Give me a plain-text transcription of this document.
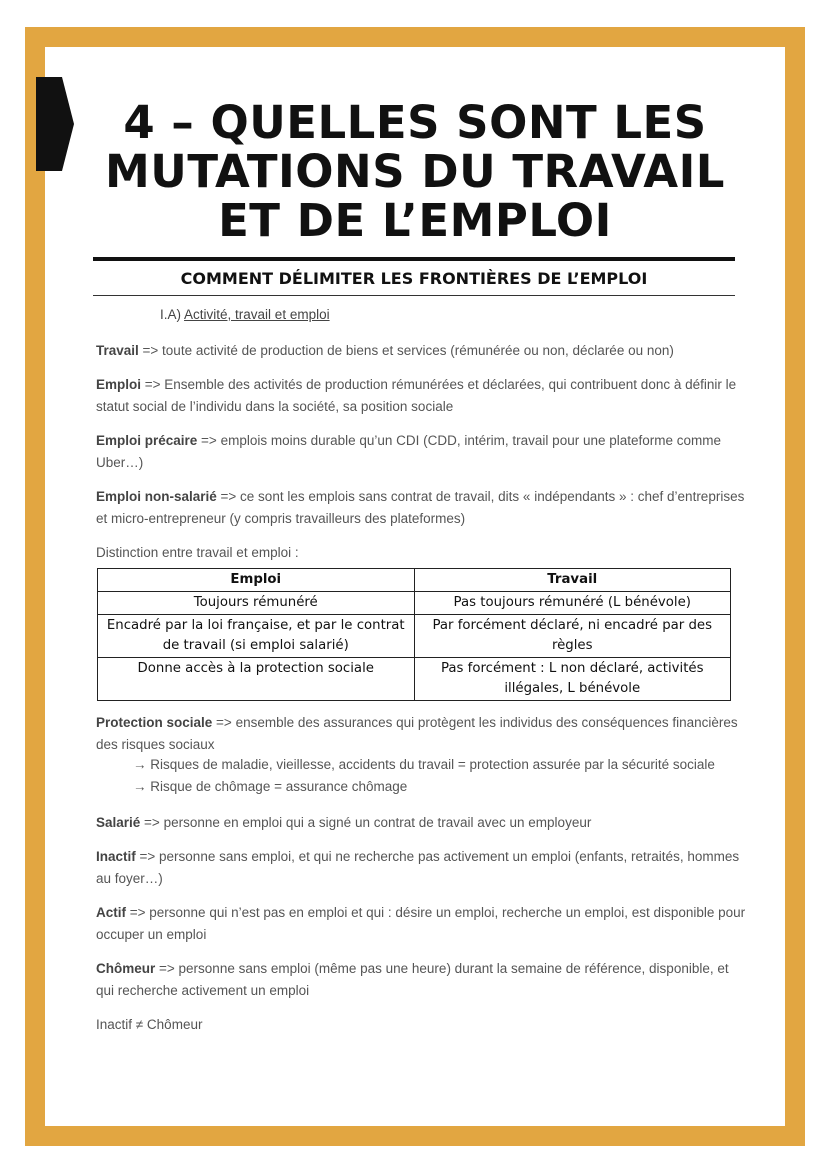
4 – QUELLES SONT LES MUTATIONS DU TRAVAIL ET DE L’EMPLOI
COMMENT DÉLIMITER LES FRONTIÈRES DE L’EMPLOI

I.A) Activité, travail et emploi

Travail => toute activité de production de biens et services (rémunérée ou non, déclarée ou non)

Emploi => Ensemble des activités de production rémunérées et déclarées, qui contribuent donc à définir le statut social de l’individu dans la société, sa position sociale

Emploi précaire => emplois moins durable qu’un CDI (CDD, intérim, travail pour une plateforme comme Uber…)

Emploi non-salarié => ce sont les emplois sans contrat de travail, dits « indépendants » : chef d’entreprises et micro-entrepreneur (y compris travailleurs des plateformes)

Distinction entre travail et emploi :

Emploi	Travail
Toujours rémunéré	Pas toujours rémunéré (L bénévole)
Encadré par la loi française, et par le contrat de travail (si emploi salarié)	Par forcément déclaré, ni encadré par des règles
Donne accès à la protection sociale	Pas forcément : L non déclaré, activités illégales, L bénévole

Protection sociale => ensemble des assurances qui protègent les individus des conséquences financières des risques sociaux

→ Risques de maladie, vieillesse, accidents du travail = protection assurée par la sécurité sociale

→ Risque de chômage = assurance chômage

Salarié => personne en emploi qui a signé un contrat de travail avec un employeur

Inactif => personne sans emploi, et qui ne recherche pas activement un emploi (enfants, retraités, hommes au foyer…)

Actif => personne qui n’est pas en emploi et qui : désire un emploi, recherche un emploi, est disponible pour occuper un emploi

Chômeur => personne sans emploi (même pas une heure) durant la semaine de référence, disponible, et qui recherche activement un emploi

Inactif ≠ Chômeur
